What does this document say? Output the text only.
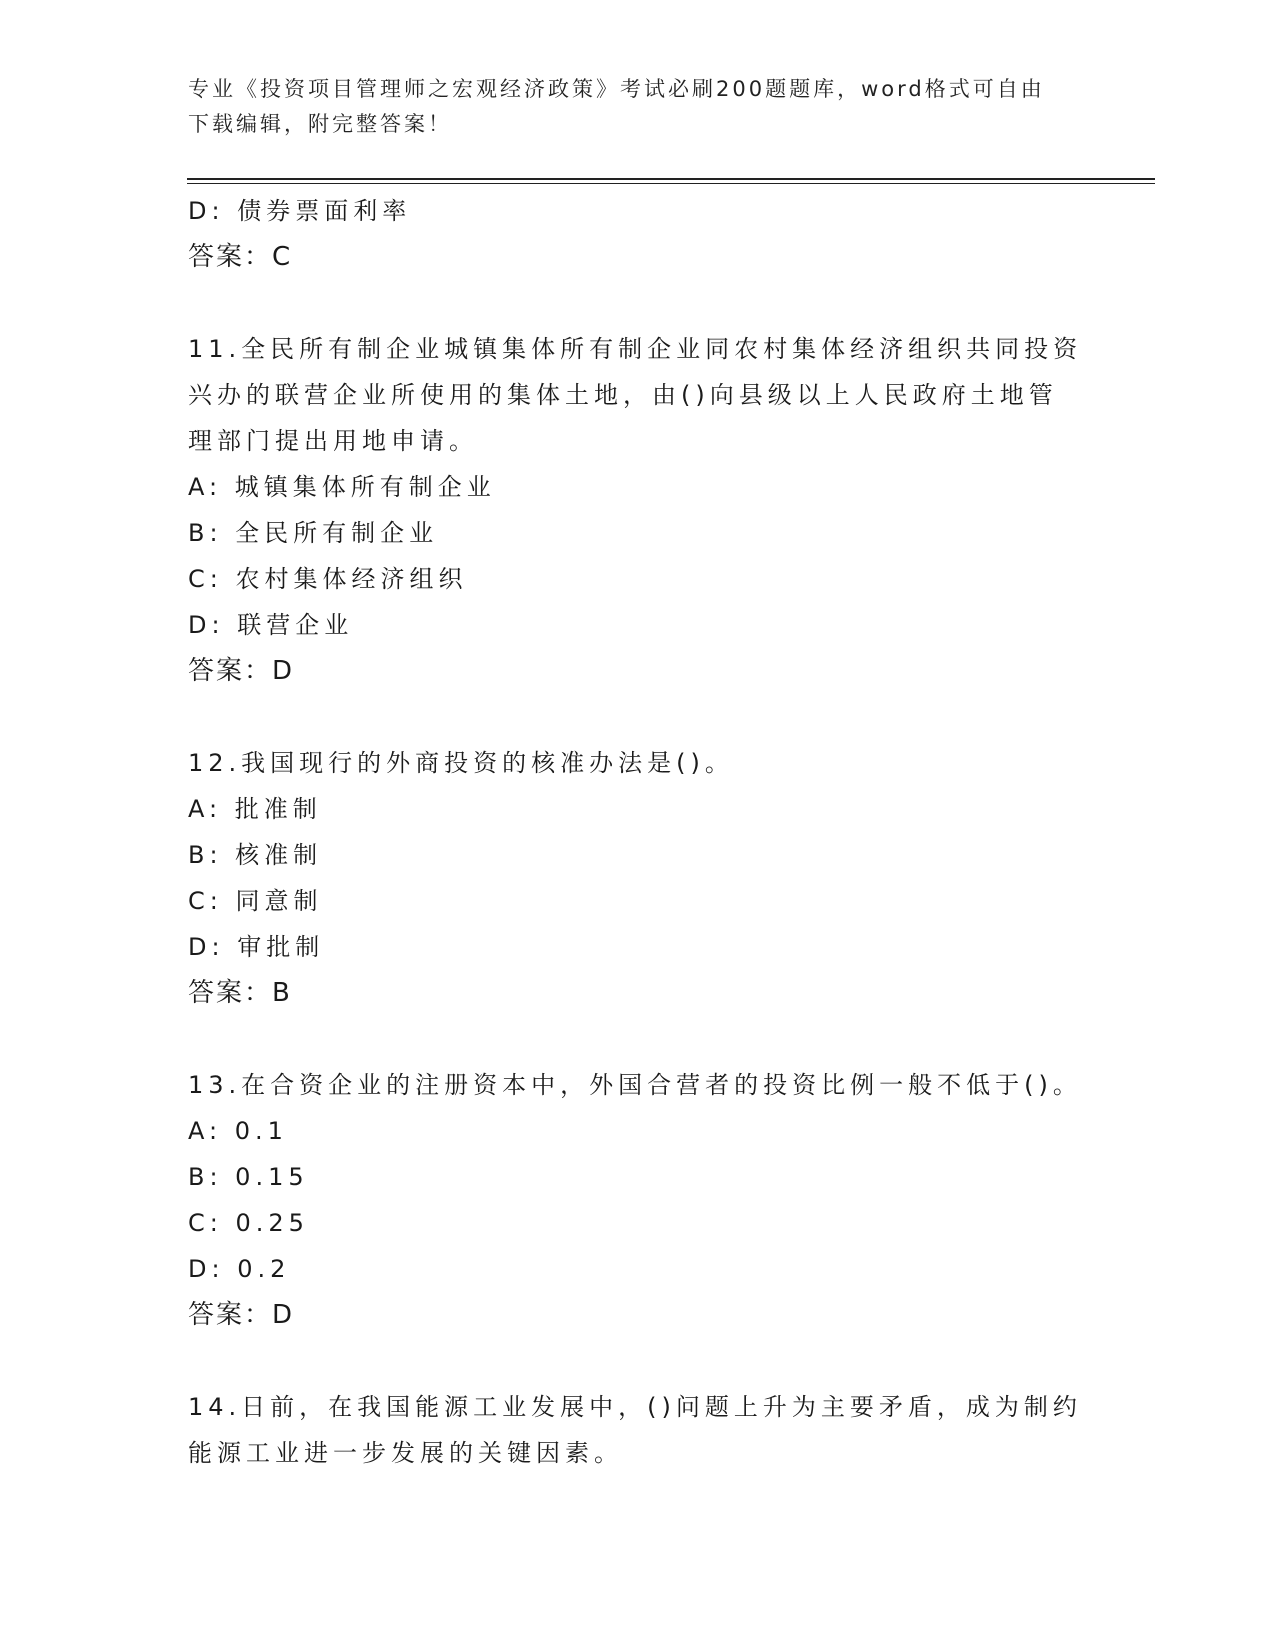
专业《投资项目管理师之宏观经济政策》考试必刷200题题库，word格式可自由
下载编辑，附完整答案！
D: 债券票面利率
答案：C
11.全民所有制企业城镇集体所有制企业同农村集体经济组织共同投资
兴办的联营企业所使用的集体土地，由()向县级以上人民政府土地管
理部门提出用地申请。
A: 城镇集体所有制企业
B: 全民所有制企业
C: 农村集体经济组织
D: 联营企业
答案：D
12.我国现行的外商投资的核准办法是()。
A: 批准制
B: 核准制
C: 同意制
D: 审批制
答案：B
13.在合资企业的注册资本中，外国合营者的投资比例一般不低于()。
A: 0.1
B: 0.15
C: 0.25
D: 0.2
答案：D
14.日前，在我国能源工业发展中，()问题上升为主要矛盾，成为制约
能源工业进一步发展的关键因素。
